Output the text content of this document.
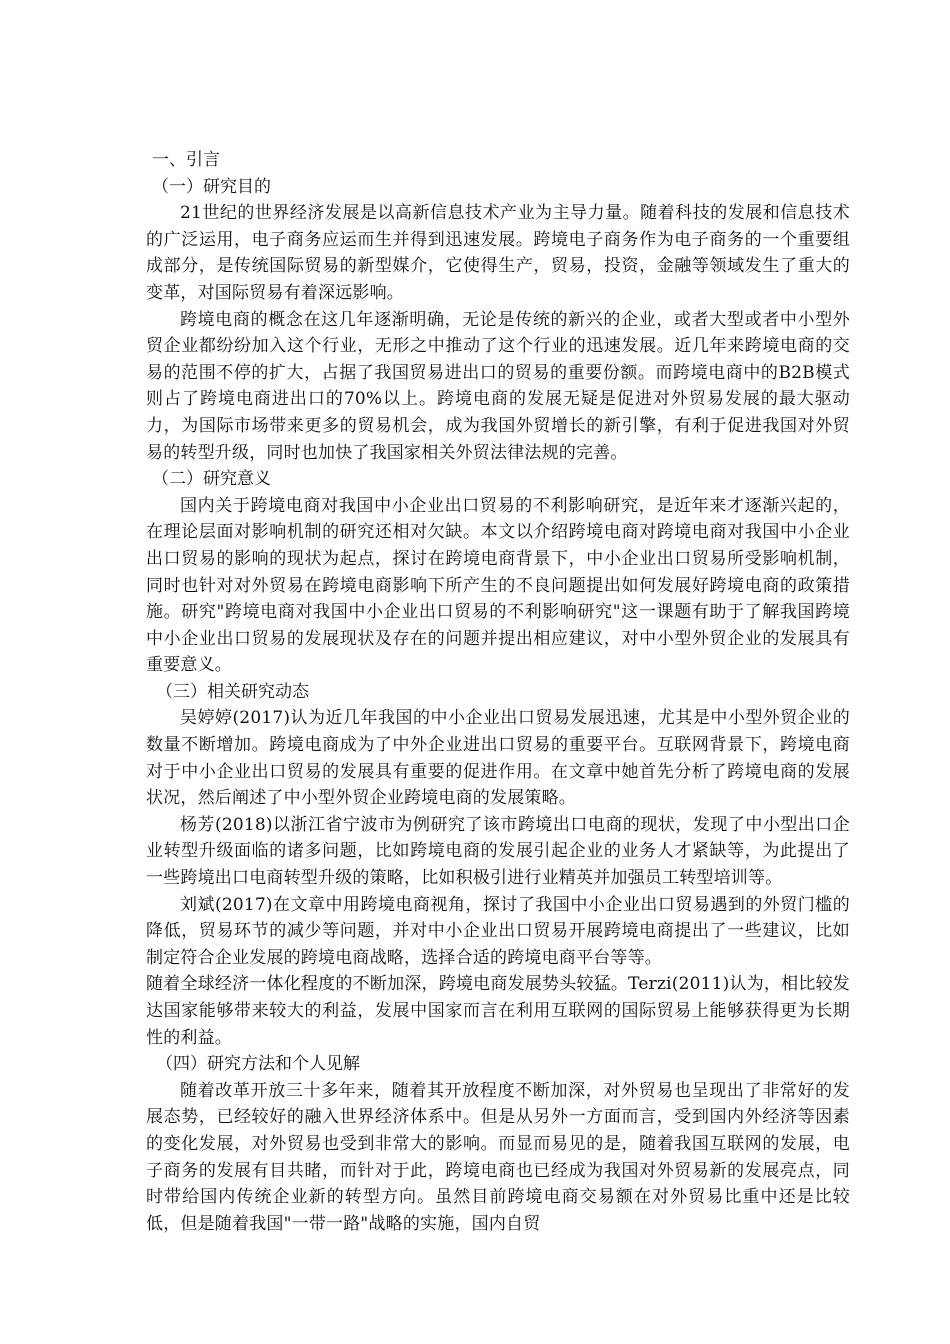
一、引言
（一）研究目的

21世纪的世界经济发展是以高新信息技术产业为主导力量。随着科技的发展和信息技术的广泛运用，电子商务应运而生并得到迅速发展。跨境电子商务作为电子商务的一个重要组成部分，是传统国际贸易的新型媒介，它使得生产，贸易，投资，金融等领域发生了重大的变革，对国际贸易有着深远影响。

跨境电商的概念在这几年逐渐明确，无论是传统的新兴的企业，或者大型或者中小型外贸企业都纷纷加入这个行业，无形之中推动了这个行业的迅速发展。近几年来跨境电商的交易的范围不停的扩大，占据了我国贸易进出口的贸易的重要份额。而跨境电商中的B2B模式则占了跨境电商进出口的70%以上。跨境电商的发展无疑是促进对外贸易发展的最大驱动力，为国际市场带来更多的贸易机会，成为我国外贸增长的新引擎，有利于促进我国对外贸易的转型升级，同时也加快了我国家相关外贸法律法规的完善。

（二）研究意义

国内关于跨境电商对我国中小企业出口贸易的不利影响研究，是近年来才逐渐兴起的，在理论层面对影响机制的研究还相对欠缺。本文以介绍跨境电商对跨境电商对我国中小企业出口贸易的影响的现状为起点，探讨在跨境电商背景下，中小企业出口贸易所受影响机制，同时也针对对外贸易在跨境电商影响下所产生的不良问题提出如何发展好跨境电商的政策措施。研究"跨境电商对我国中小企业出口贸易的不利影响研究"这一课题有助于了解我国跨境中小企业出口贸易的发展现状及存在的问题并提出相应建议，对中小型外贸企业的发展具有重要意义。

（三）相关研究动态

吴婷婷(2017)认为近几年我国的中小企业出口贸易发展迅速，尤其是中小型外贸企业的数量不断增加。跨境电商成为了中外企业进出口贸易的重要平台。互联网背景下，跨境电商对于中小企业出口贸易的发展具有重要的促进作用。在文章中她首先分析了跨境电商的发展状况，然后阐述了中小型外贸企业跨境电商的发展策略。

杨芳(2018)以浙江省宁波市为例研究了该市跨境出口电商的现状，发现了中小型出口企业转型升级面临的诸多问题，比如跨境电商的发展引起企业的业务人才紧缺等，为此提出了一些跨境出口电商转型升级的策略，比如积极引进行业精英并加强员工转型培训等。

刘斌(2017)在文章中用跨境电商视角，探讨了我国中小企业出口贸易遇到的外贸门槛的降低，贸易环节的减少等问题，并对中小企业出口贸易开展跨境电商提出了一些建议，比如制定符合企业发展的跨境电商战略，选择合适的跨境电商平台等等。

随着全球经济一体化程度的不断加深，跨境电商发展势头较猛。Terzi(2011)认为，相比较发达国家能够带来较大的利益，发展中国家而言在利用互联网的国际贸易上能够获得更为长期性的利益。

（四）研究方法和个人见解

随着改革开放三十多年来，随着其开放程度不断加深，对外贸易也呈现出了非常好的发展态势，已经较好的融入世界经济体系中。但是从另外一方面而言，受到国内外经济等因素的变化发展，对外贸易也受到非常大的影响。而显而易见的是，随着我国互联网的发展，电子商务的发展有目共睹，而针对于此，跨境电商也已经成为我国对外贸易新的发展亮点，同时带给国内传统企业新的转型方向。虽然目前跨境电商交易额在对外贸易比重中还是比较低，但是随着我国"一带一路"战略的实施，国内自贸
